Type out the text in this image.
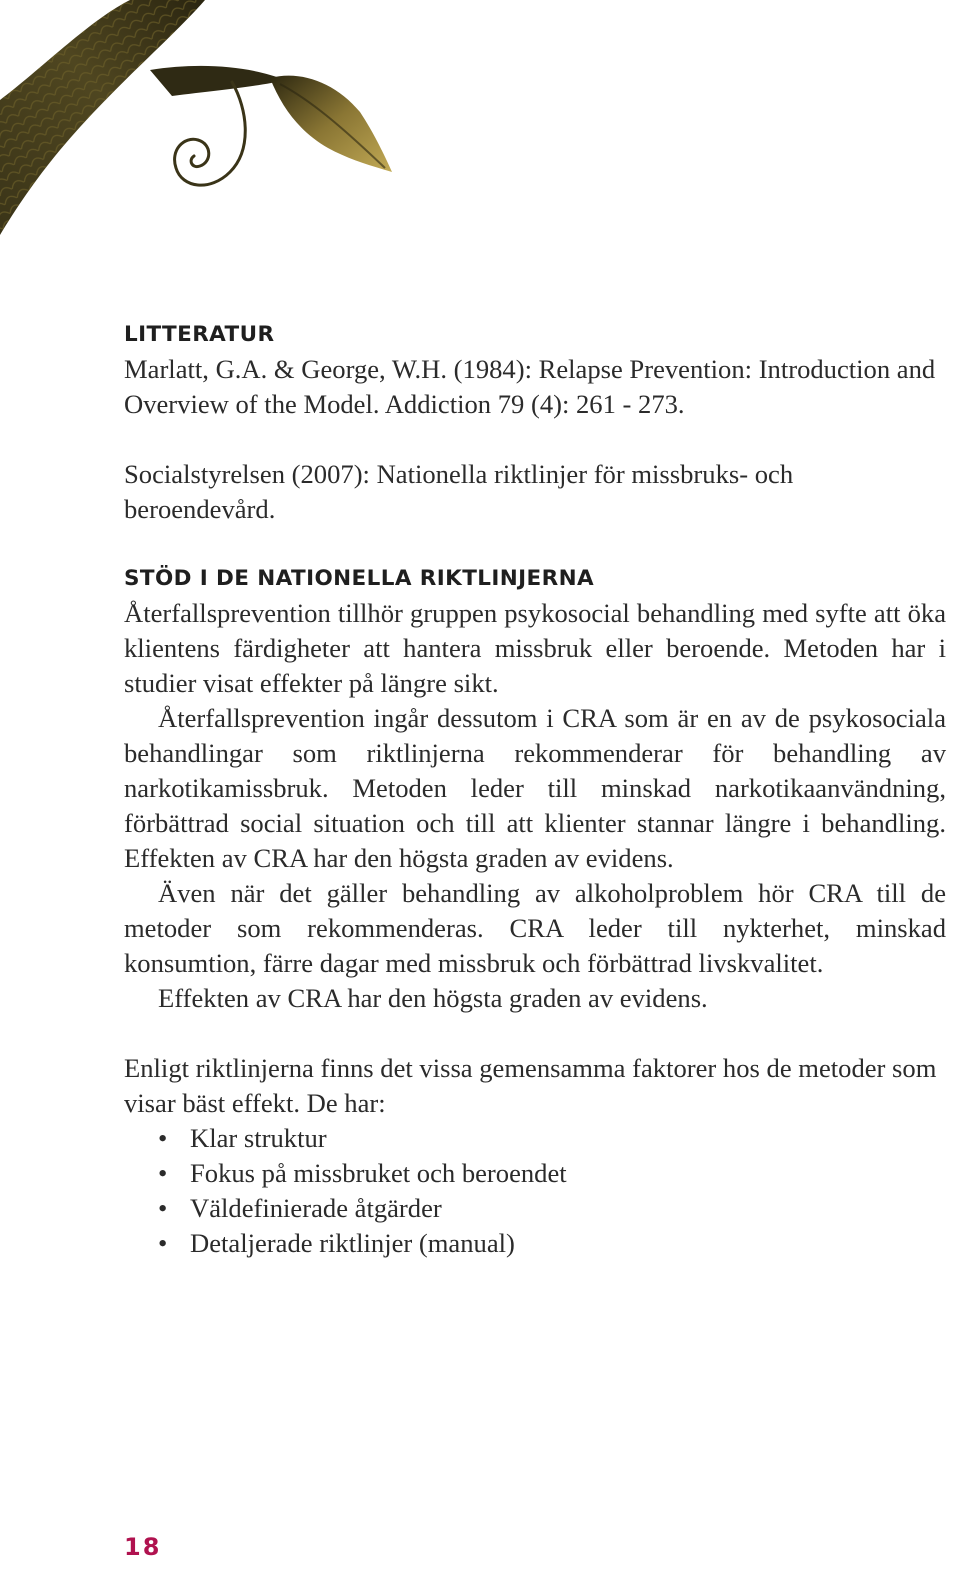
LITTERATUR

Marlatt, G.A. & George, W.H. (1984): Relapse Prevention: Introduction and Overview of the Model. Addiction 79 (4): 261 - 273.

Socialstyrelsen (2007): Nationella riktlinjer för missbruks- och beroendevård.

STÖD I DE NATIONELLA RIKTLINJERNA

Återfallsprevention tillhör gruppen psykosocial behandling med syfte att öka klientens färdigheter att hantera missbruk eller beroende. Metoden har i studier visat effekter på längre sikt.

Återfallsprevention ingår dessutom i CRA som är en av de psykosociala behandlingar som riktlinjerna rekommenderar för behandling av narkotikamissbruk. Metoden leder till minskad narkotikaanvändning, förbättrad social situation och till att klienter stannar längre i behandling. Effekten av CRA har den högsta graden av evidens.

Även när det gäller behandling av alkoholproblem hör CRA till de metoder som rekommenderas. CRA leder till nykterhet, minskad konsumtion, färre dagar med missbruk och förbättrad livskvalitet.

Effekten av CRA har den högsta graden av evidens.

Enligt riktlinjerna finns det vissa gemensamma faktorer hos de metoder som visar bäst effekt. De har:

• Klar struktur
• Fokus på missbruket och beroendet
• Väldefinierade åtgärder
• Detaljerade riktlinjer (manual)
18
